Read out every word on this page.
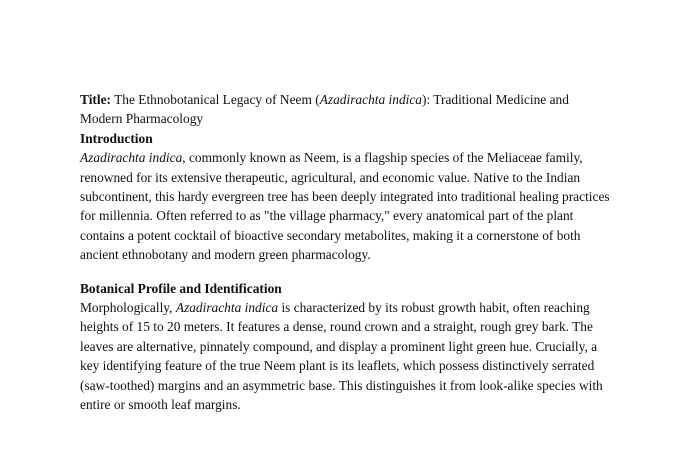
Title: The Ethnobotanical Legacy of Neem (Azadirachta indica): Traditional Medicine and Modern Pharmacology

Introduction

Azadirachta indica, commonly known as Neem, is a flagship species of the Meliaceae family, renowned for its extensive therapeutic, agricultural, and economic value. Native to the Indian subcontinent, this hardy evergreen tree has been deeply integrated into traditional healing practices for millennia. Often referred to as "the village pharmacy," every anatomical part of the plant contains a potent cocktail of bioactive secondary metabolites, making it a cornerstone of both ancient ethnobotany and modern green pharmacology.

Botanical Profile and Identification

Morphologically, Azadirachta indica is characterized by its robust growth habit, often reaching heights of 15 to 20 meters. It features a dense, round crown and a straight, rough grey bark. The leaves are alternative, pinnately compound, and display a prominent light green hue. Crucially, a key identifying feature of the true Neem plant is its leaflets, which possess distinctively serrated (saw-toothed) margins and an asymmetric base. This distinguishes it from look-alike species with entire or smooth leaf margins.
